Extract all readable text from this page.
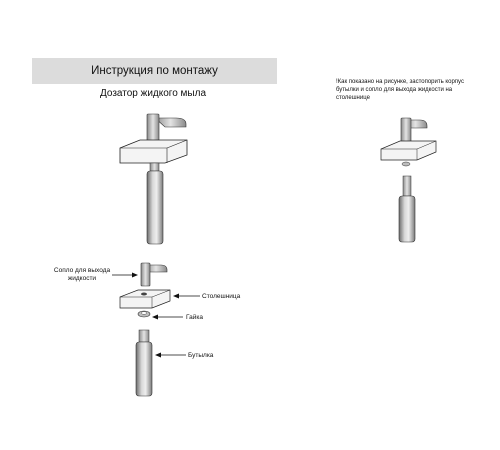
Инструкция по монтажу
Дозатор жидкого мыла
!Как показано на рисунке, застопорить корпус бутылки и сопло для выхода жидкости на столешнице
Сопло для выхода жидкости
Столешница
Гайка
Бутылка
